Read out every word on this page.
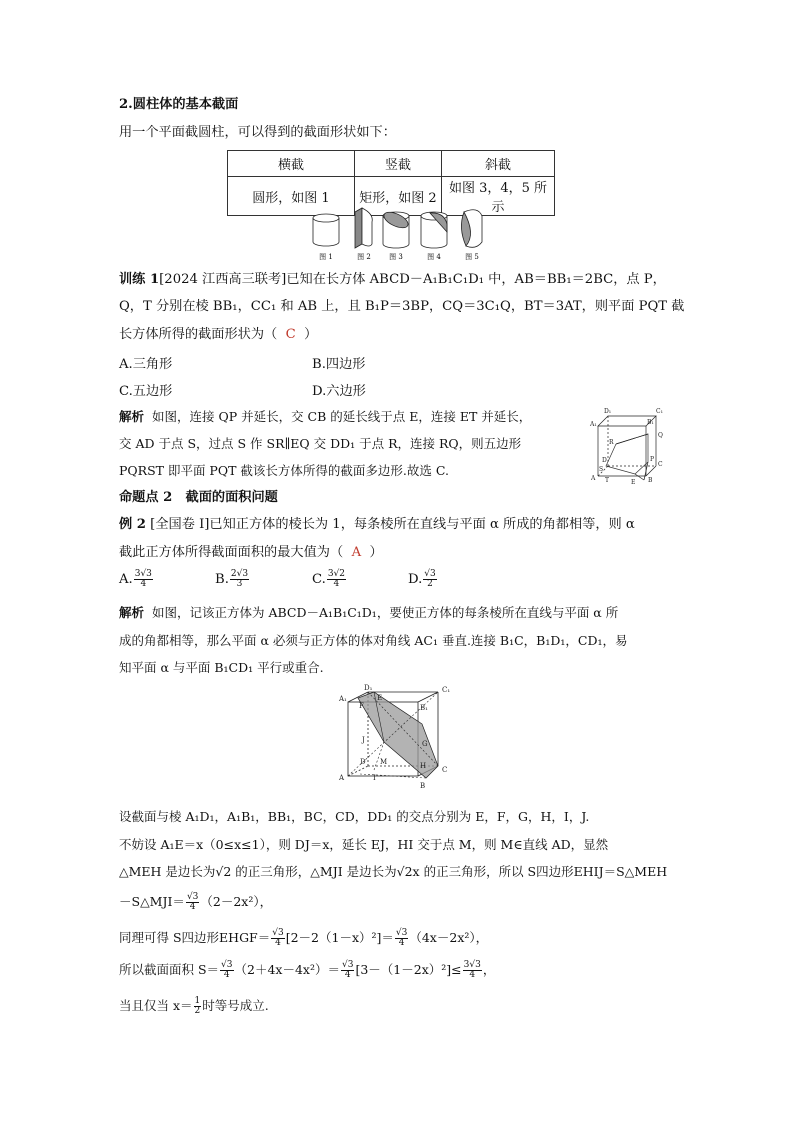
2.圆柱体的基本截面
用一个平面截圆柱，可以得到的截面形状如下：
横截	竖截	斜截
圆形，如图 1	矩形，如图 2	如图 3，4，5 所示
图 1	图 2	图 3	图 4	图 5
训练 1[2024 江西高三联考]已知在长方体 ABCD－A₁B₁C₁D₁ 中，AB＝BB₁＝2BC，点 P，
Q，T 分别在棱 BB₁，CC₁ 和 AB 上，且 B₁P＝3BP，CQ＝3C₁Q，BT＝3AT，则平面 PQT 截
长方体所得的截面形状为（ C ）
A.三角形	B.四边形
C.五边形	D.六边形
解析 如图，连接 QP 并延长，交 CB 的延长线于点 E，连接 ET 并延长，
交 AD 于点 S，过点 S 作 SR∥EQ 交 DD₁ 于点 R，连接 RQ，则五边形
PQRST 即平面 PQT 截该长方体所得的截面多边形.故选 C.
D₁	C₁
A₁	B₁
R
Q
D
C
S
A T	B
P
E
命题点 2　截面的面积问题
例 2 [全国卷 I]已知正方体的棱长为 1，每条棱所在直线与平面 α 所成的角都相等，则 α
截此正方体所得截面面积的最大值为（ A ）
A. $\frac{3√3}{4}$	B. $\frac{2√3}{3}$	C. $\frac{3√2}{4}$	D. $\frac{√3}{2}$
解析 如图，记该正方体为 ABCD－A₁B₁C₁D₁，要使正方体的每条棱所在直线与平面 α 所
成的角都相等，那么平面 α 必须与正方体的体对角线 AC₁ 垂直.连接 B₁C，B₁D₁，CD₁，易
知平面 α 与平面 B₁CD₁ 平行或重合.
A₁
D₁	C₁
E
F	B₁
J	G
D M
I
A
H
B
C
设截面与棱 A₁D₁，A₁B₁，BB₁，BC，CD，DD₁ 的交点分别为 E，F，G，H，I，J.
不妨设 A₁E＝x（0≤x≤1），则 DJ＝x，延长 EJ，HI 交于点 M，则 M∈直线 AD，显然
△MEH 是边长为√2 的正三角形，△MJI 是边长为√2x 的正三角形，所以 S四边形EHIJ＝S△MEH
－S△MJI＝ $\frac{√3}{4} (2-2x^2)$，
同理可得 S四边形EHGF＝ $\frac{√3}{4} [2-2(1-x)^2]= \frac{√3}{4} (4x-2x^2)$，
所以截面面积 $S= \frac{√3}{4} (2+4x-4x^2)= \frac{√3}{4} [3-(1-2x)^2]\le \frac{3√3}{4}$ ，
当且仅当 $x= \frac{1}{2}$ 时等号成立.
